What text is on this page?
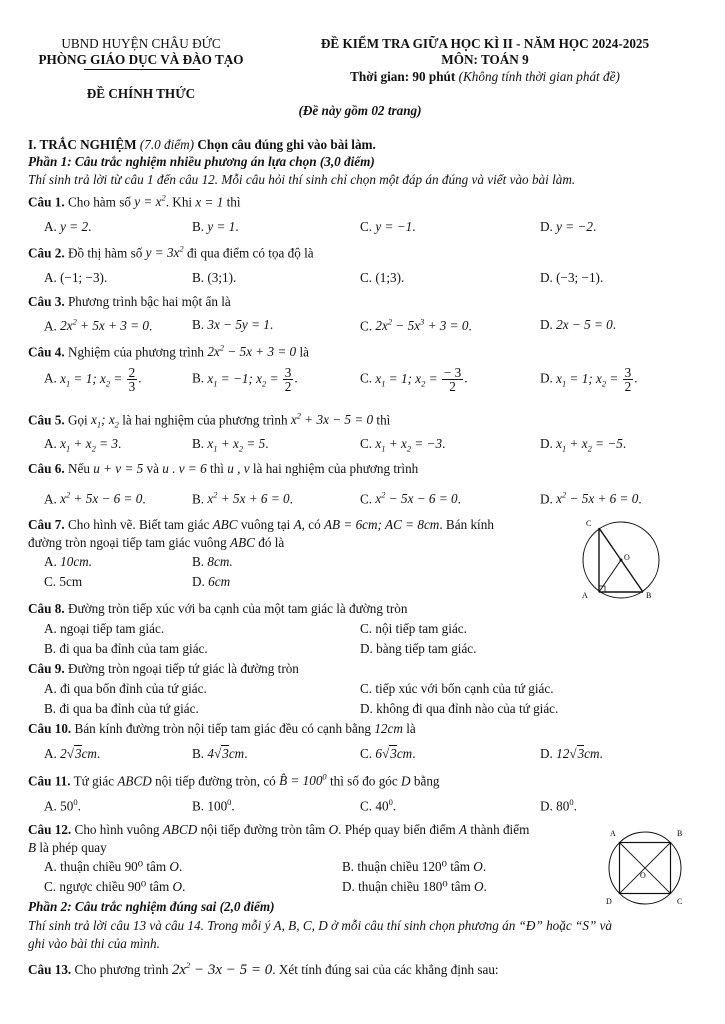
UBND HUYỆN CHÂU ĐỨC
PHÒNG GIÁO DỤC VÀ ĐÀO TẠO
ĐỀ CHÍNH THỨC
ĐỀ KIỂM TRA GIỮA HỌC KÌ II - NĂM HỌC 2024-2025
MÔN: TOÁN 9
Thời gian: 90 phút (Không tính thời gian phát đề)
(Đề này gồm 02 trang)
I. TRẮC NGHIỆM (7.0 điểm) Chọn câu đúng ghi vào bài làm.
Phần 1: Câu trắc nghiệm nhiều phương án lựa chọn (3,0 điểm)
Thí sinh trả lời từ câu 1 đến câu 12. Mỗi câu hỏi thí sinh chỉ chọn một đáp án đúng và viết vào bài làm.
Câu 1. Cho hàm số $y = x^2$. Khi x = 1 thì
A. y = 2.	B. y = 1.	C. y = −1.	D. y = −2.
Câu 2. Đồ thị hàm số $y = 3x^2$ đi qua điểm có tọa độ là
A. (−1; −3).	B. (3;1).	C. (1;3).	D. (−3; −1).
Câu 3. Phương trình bậc hai một ẩn là
A. $2x^2 + 5x + 3 = 0$.	B. 3x − 5y = 1.	C. $2x^2 - 5x^3 + 3 = 0$.	D. 2x − 5 = 0.
Câu 4. Nghiệm của phương trình $2x^2 - 5x + 3 = 0$ là
A. $x_1 = 1$; $x_2 = \frac{2}{3}$ .	B. $x_1 = -1$; $x_2 = \frac{3}{2}$ .	C. $x_1 = 1$; $x_2 = \frac{- 3}{2}$ .	D. $x_1 = 1$; $x_2 = \frac{3}{2}$ .
Câu 5. Gọi $x_1$; $x_2$ là hai nghiệm của phương trình $x^2 + 3x - 5 = 0$ thì
A. $x_1 + x_2 = 3$.	B. $x_1 + x_2 = 5$.	C. $x_1 + x_2 = -3$.	D. $x_1 + x_2 = -5$.
Câu 6. Nếu u + v = 5 và u . v = 6 thì u , v là hai nghiệm của phương trình
A. $x^2 + 5x - 6 = 0$.	B. $x^2 + 5x + 6 = 0$.	C. $x^2 - 5x - 6 = 0$.	D. $x^2 - 5x + 6 = 0$.
Câu 7. Cho hình vẽ. Biết tam giác ABC vuông tại A, có AB = 6cm; AC = 8cm. Bán kính
đường tròn ngoại tiếp tam giác vuông ABC đó là
A. 10cm.	B. 8cm.
C. 5cm	D. 6cm
C
O
A	B
Câu 8. Đường tròn tiếp xúc với ba cạnh của một tam giác là đường tròn
A. ngoại tiếp tam giác.	C. nội tiếp tam giác.
B. đi qua ba đỉnh của tam giác.	D. bàng tiếp tam giác.
Câu 9. Đường tròn ngoại tiếp tứ giác là đường tròn
A. đi qua bốn đỉnh của tứ giác.	C. tiếp xúc với bốn cạnh của tứ giác.
B. đi qua ba đỉnh của tứ giác.	D. không đi qua đỉnh nào của tứ giác.
Câu 10. Bán kính đường tròn nội tiếp tam giác đều có cạnh bằng 12cm là
A. 2√3cm.	B. 4√3cm.	C. 6√3cm.	D. 12√3cm.
Câu 11. Tứ giác ABCD nội tiếp đường tròn, có B̂ = $100^0$ thì số đo góc D bằng
A. $50^0$.	B. $100^0$.	C. $40^0$.	D. $80^0$.
Câu 12. Cho hình vuông ABCD nội tiếp đường tròn tâm O. Phép quay biến điểm A thành điểm
B là phép quay
A. thuận chiều 90⁰ tâm O.	B. thuận chiều 120⁰ tâm O.
C. ngược chiều 90⁰ tâm O.	D. thuận chiều 180⁰ tâm O.
A	B
O
D	C
Phần 2: Câu trắc nghiệm đúng sai (2,0 điểm)
Thí sinh trả lời câu 13 và câu 14. Trong mỗi ý A, B, C, D ở mỗi câu thí sinh chọn phương án “Đ” hoặc “S” và
ghi vào bài thi của mình.
Câu 13. Cho phương trình $2x^2 - 3x - 5 = 0$. Xét tính đúng sai của các khẳng định sau:
